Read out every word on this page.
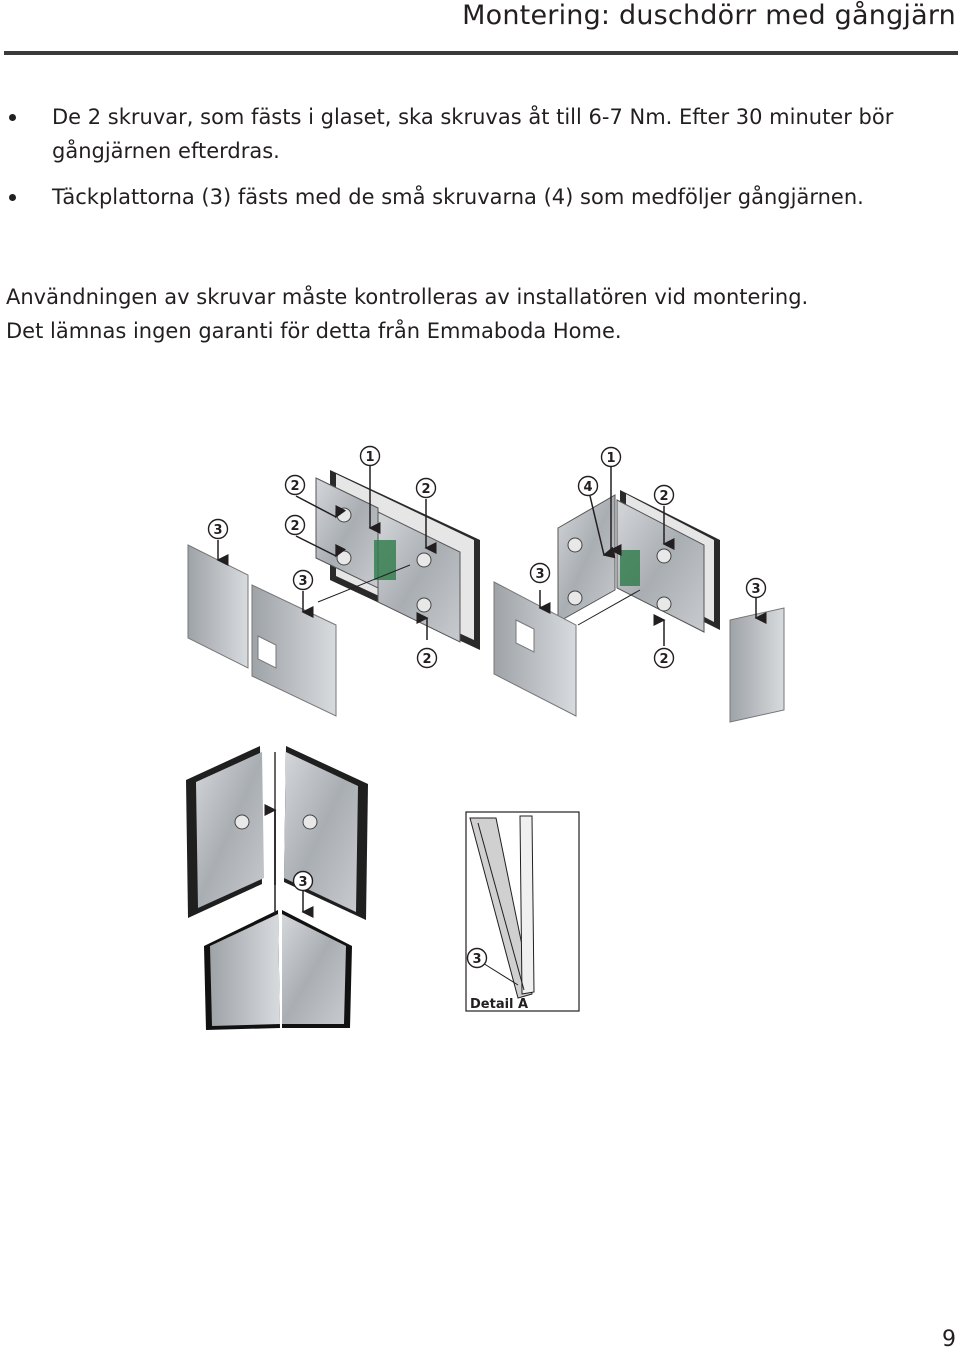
Montering: duschdörr med gångjärn
De 2 skruvar, som fästs i glaset, ska skruvas åt till 6-7 Nm. Efter 30 minuter bör gångjärnen efterdras.
Täckplattorna (3) fästs med de små skruvarna (4) som medföljer gångjärnen.
Användningen av skruvar måste kontrolleras av installatören vid montering.
Det lämnas ingen garanti för detta från Emmaboda Home.
Detail A
1
2	2
2
3
3
1
4
2
3
3
2	2
3
3
9
